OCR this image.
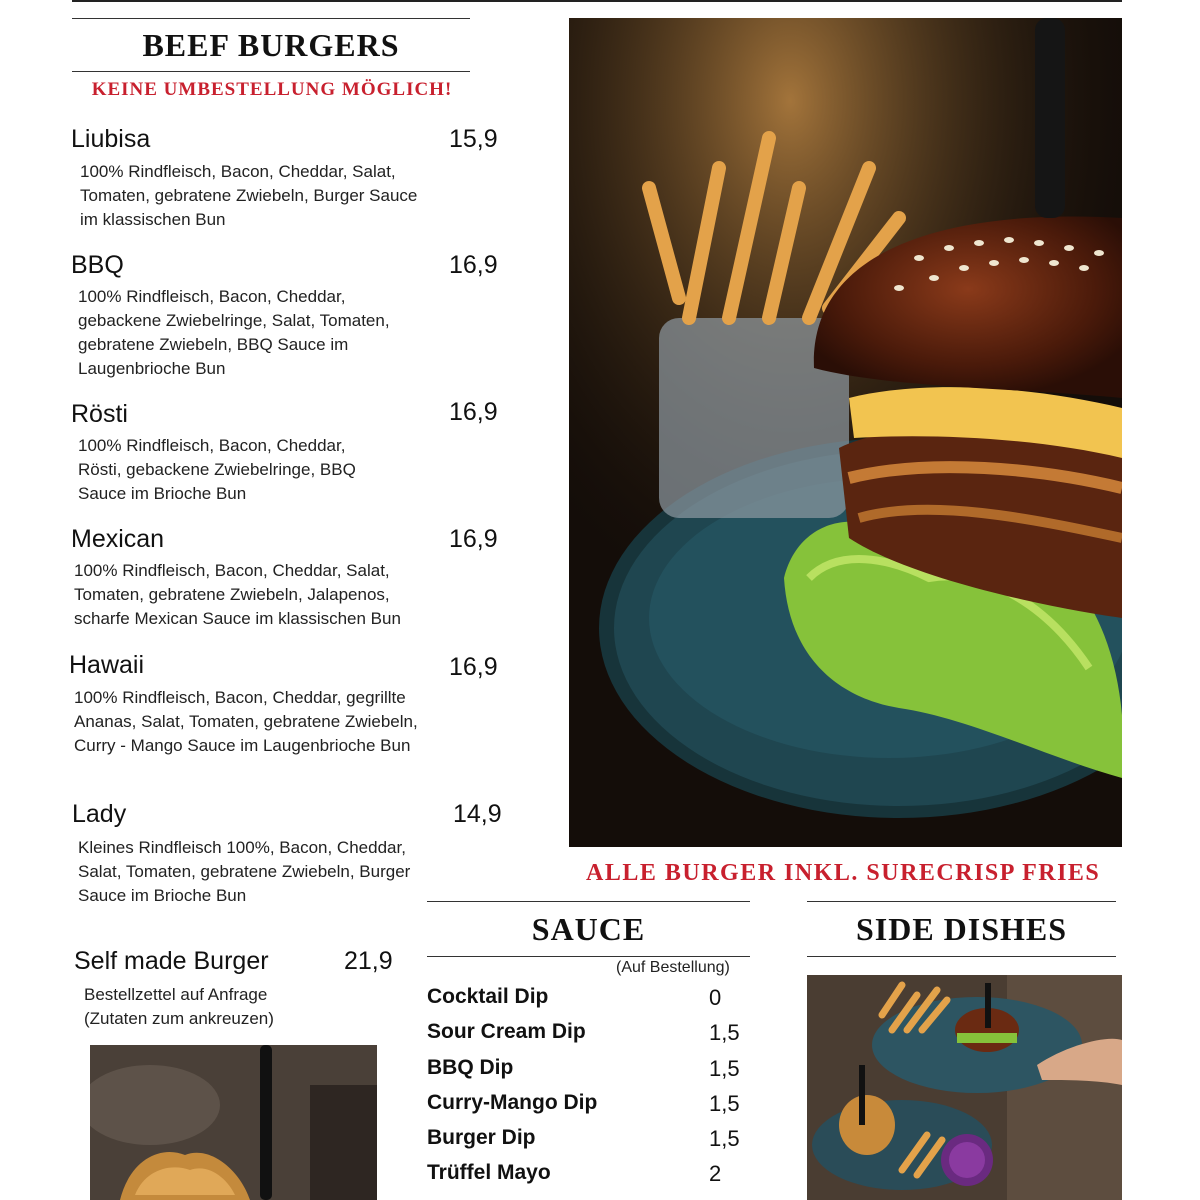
BEEF BURGERS
KEINE UMBESTELLUNG MÖGLICH!
Liubisa	15,9
100% Rindfleisch, Bacon, Cheddar, Salat, Tomaten, gebratene Zwiebeln, Burger Sauce im klassischen Bun
BBQ	16,9
100% Rindfleisch, Bacon, Cheddar, gebackene Zwiebelringe, Salat, Tomaten, gebratene Zwiebeln, BBQ Sauce im Laugenbrioche Bun
Rösti	16,9
100% Rindfleisch, Bacon, Cheddar, Rösti, gebackene Zwiebelringe, BBQ Sauce im Brioche Bun
Mexican	16,9
100% Rindfleisch, Bacon, Cheddar, Salat, Tomaten, gebratene Zwiebeln, Jalapenos, scharfe Mexican Sauce im klassischen Bun
Hawaii	16,9
100% Rindfleisch, Bacon, Cheddar, gegrillte Ananas, Salat, Tomaten, gebratene Zwiebeln, Curry - Mango Sauce im Laugenbrioche Bun
Lady	14,9
Kleines Rindfleisch 100%, Bacon, Cheddar, Salat, Tomaten, gebratene Zwiebeln, Burger Sauce im Brioche Bun
Self made Burger	21,9
Bestellzettel auf Anfrage
(Zutaten zum ankreuzen)
ALLE BURGER INKL. SURECRISP FRIES
SAUCE
(Auf Bestellung)
Cocktail Dip	0
Sour Cream Dip	1,5
BBQ Dip	1,5
Curry-Mango Dip	1,5
Burger Dip	1,5
Trüffel Mayo	2
SIDE DISHES
